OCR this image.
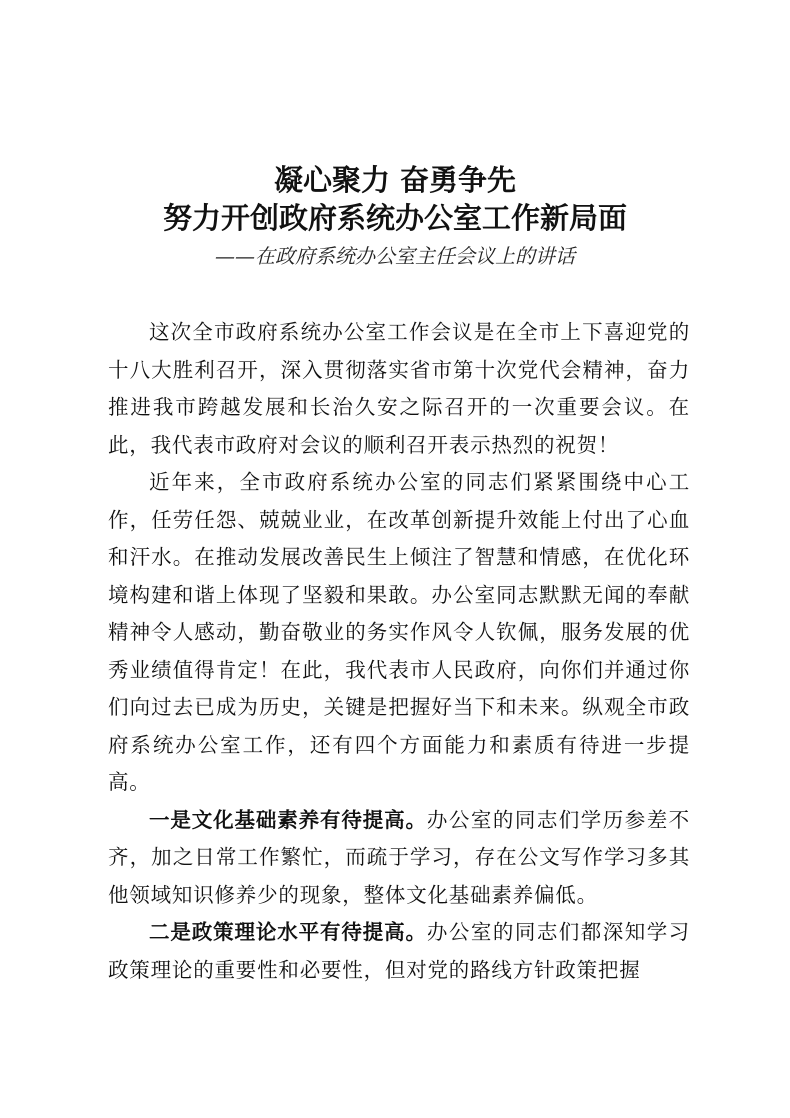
凝心聚力 奋勇争先
努力开创政府系统办公室工作新局面
——在政府系统办公室主任会议上的讲话

这次全市政府系统办公室工作会议是在全市上下喜迎党的十八大胜利召开，深入贯彻落实省市第十次党代会精神，奋力推进我市跨越发展和长治久安之际召开的一次重要会议。在此，我代表市政府对会议的顺利召开表示热烈的祝贺！

近年来，全市政府系统办公室的同志们紧紧围绕中心工作，任劳任怨、兢兢业业，在改革创新提升效能上付出了心血和汗水。在推动发展改善民生上倾注了智慧和情感，在优化环境构建和谐上体现了坚毅和果敢。办公室同志默默无闻的奉献精神令人感动，勤奋敬业的务实作风令人钦佩，服务发展的优秀业绩值得肯定！在此，我代表市人民政府，向你们并通过你们向过去已成为历史，关键是把握好当下和未来。纵观全市政府系统办公室工作，还有四个方面能力和素质有待进一步提高。

一是文化基础素养有待提高。办公室的同志们学历参差不齐，加之日常工作繁忙，而疏于学习，存在公文写作学习多其他领域知识修养少的现象，整体文化基础素养偏低。

二是政策理论水平有待提高。办公室的同志们都深知学习政策理论的重要性和必要性，但对党的路线方针政策把握
